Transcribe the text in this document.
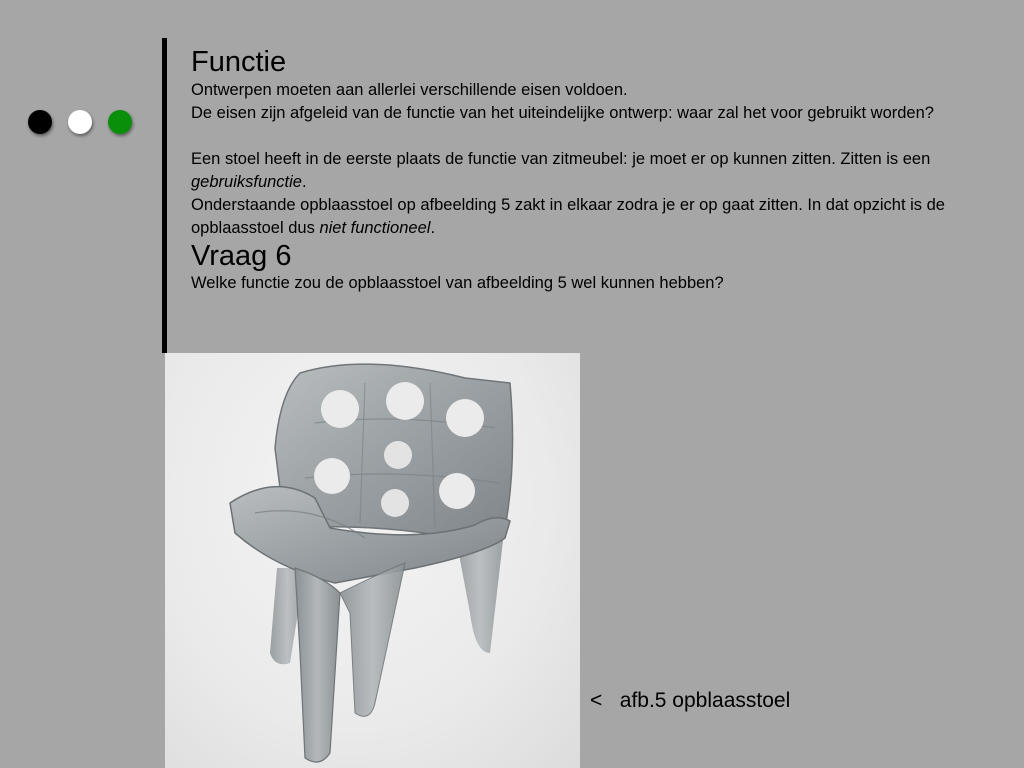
Functie

Ontwerpen moeten aan allerlei verschillende eisen voldoen.

De eisen zijn afgeleid van de functie van het uiteindelijke ontwerp: waar zal het voor gebruikt worden?

Een stoel heeft in de eerste plaats de functie van zitmeubel: je moet er op kunnen zitten. Zitten is een gebruiksfunctie.

Onderstaande opblaasstoel op afbeelding 5 zakt in elkaar zodra je er op gaat zitten. In dat opzicht is de opblaasstoel dus niet functioneel.

Vraag 6

Welke functie zou de opblaasstoel van afbeelding 5 wel kunnen hebben?

<   afb.5 opblaasstoel
